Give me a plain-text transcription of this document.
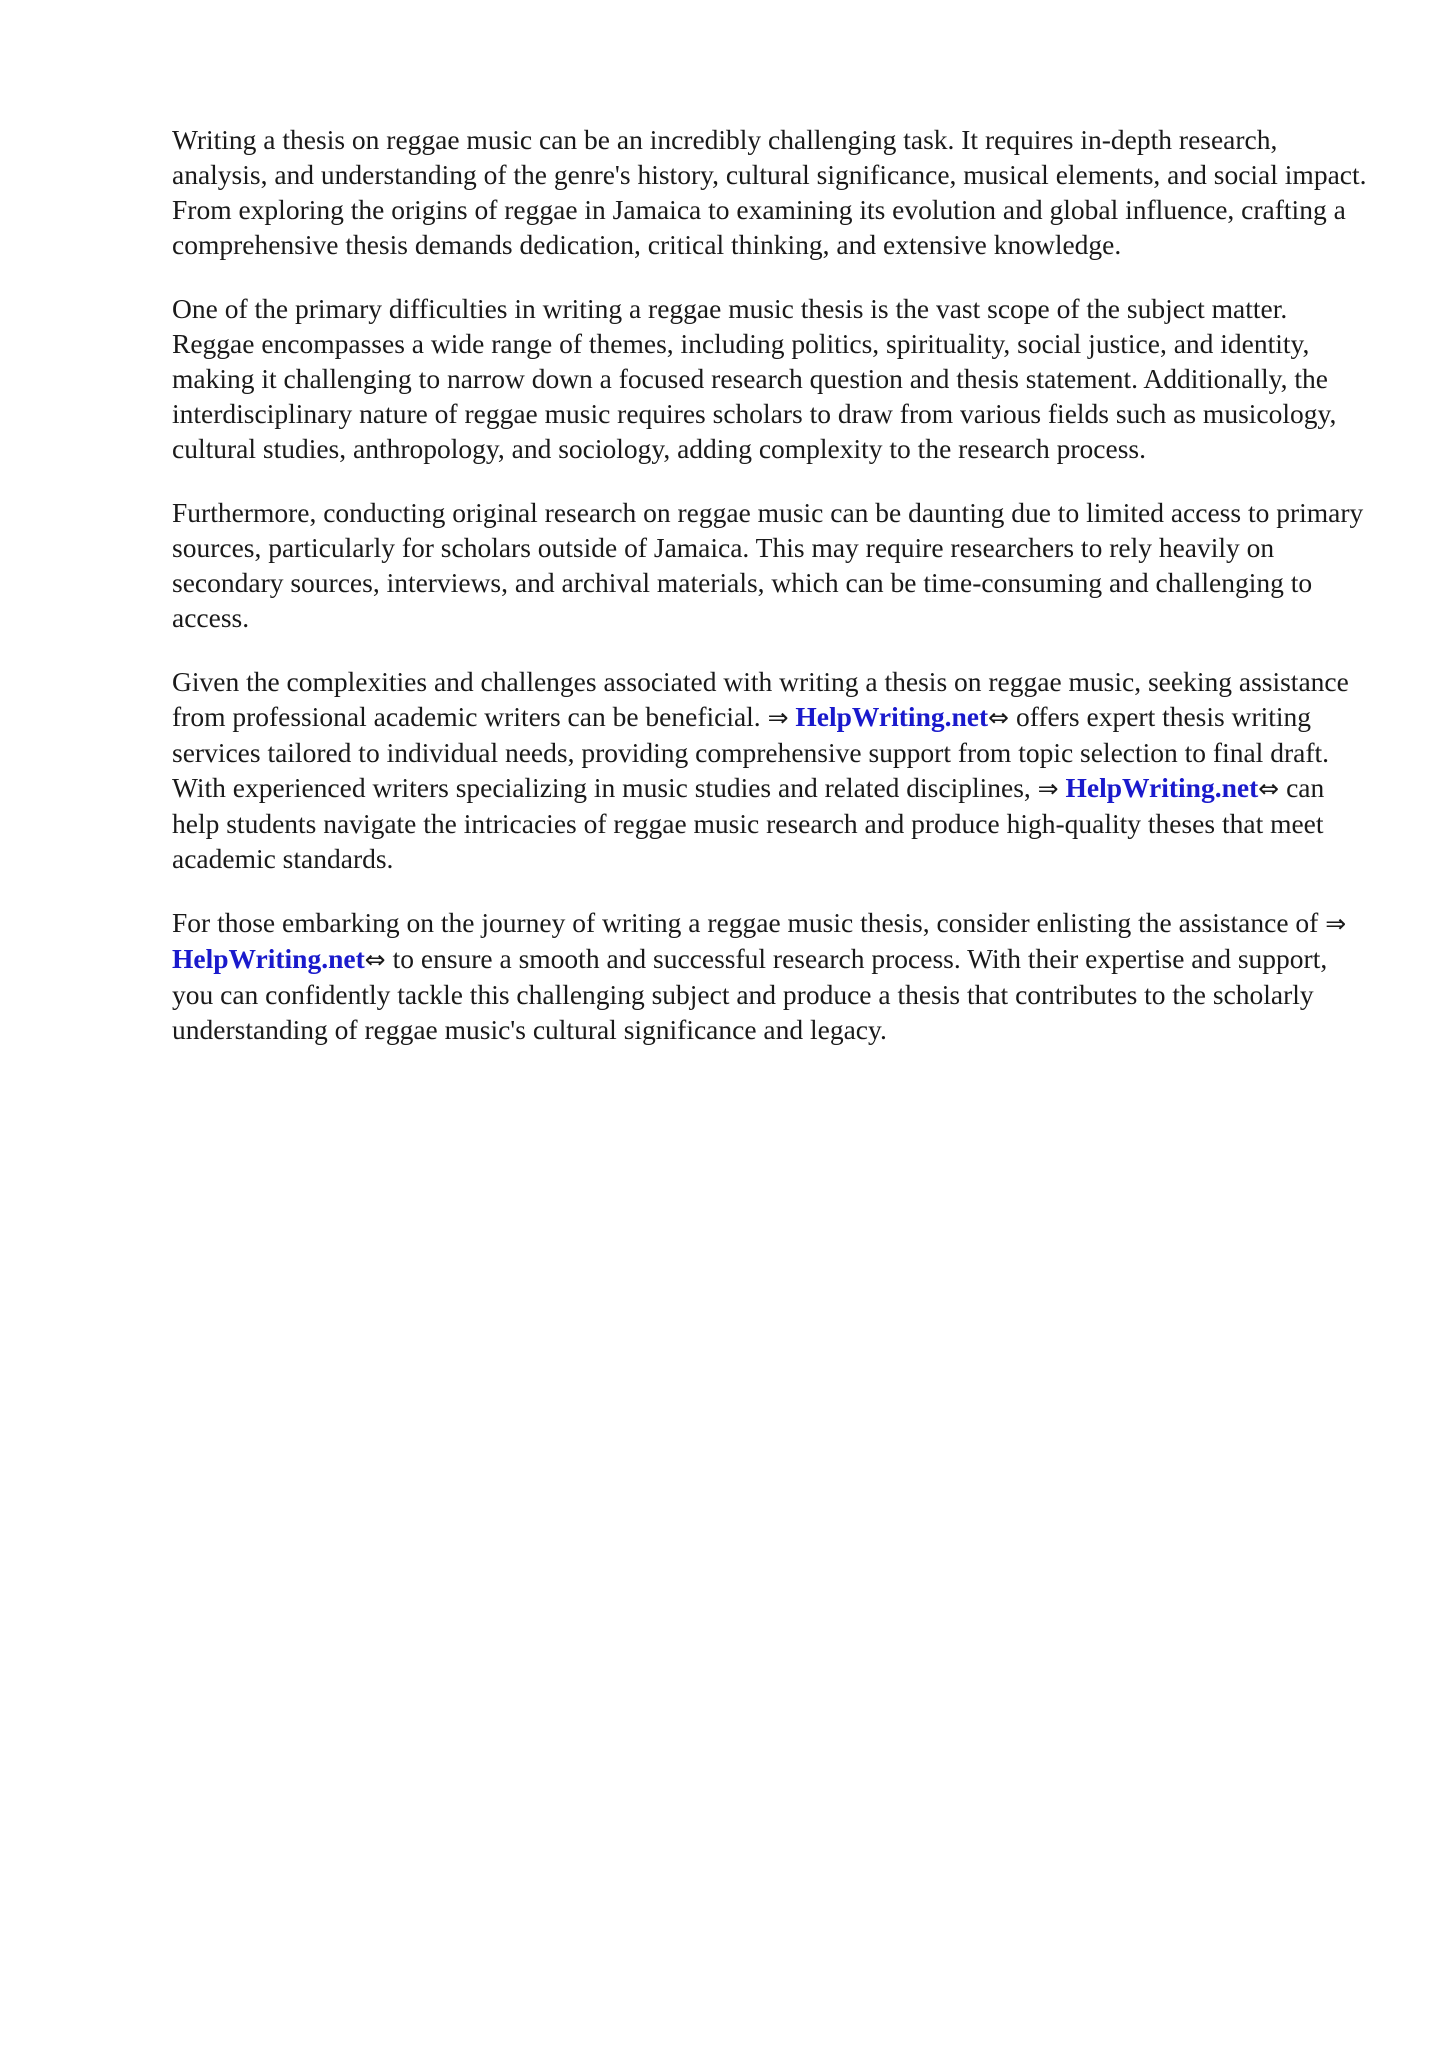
Writing a thesis on reggae music can be an incredibly challenging task. It requires in-depth research, analysis, and understanding of the genre's history, cultural significance, musical elements, and social impact. From exploring the origins of reggae in Jamaica to examining its evolution and global influence, crafting a comprehensive thesis demands dedication, critical thinking, and extensive knowledge.

One of the primary difficulties in writing a reggae music thesis is the vast scope of the subject matter. Reggae encompasses a wide range of themes, including politics, spirituality, social justice, and identity, making it challenging to narrow down a focused research question and thesis statement. Additionally, the interdisciplinary nature of reggae music requires scholars to draw from various fields such as musicology, cultural studies, anthropology, and sociology, adding complexity to the research process.

Furthermore, conducting original research on reggae music can be daunting due to limited access to primary sources, particularly for scholars outside of Jamaica. This may require researchers to rely heavily on secondary sources, interviews, and archival materials, which can be time-consuming and challenging to access.

Given the complexities and challenges associated with writing a thesis on reggae music, seeking assistance from professional academic writers can be beneficial. ⇒ HelpWriting.net⇔ offers expert thesis writing services tailored to individual needs, providing comprehensive support from topic selection to final draft. With experienced writers specializing in music studies and related disciplines, ⇒ HelpWriting.net⇔ can help students navigate the intricacies of reggae music research and produce high-quality theses that meet academic standards.

For those embarking on the journey of writing a reggae music thesis, consider enlisting the assistance of ⇒ HelpWriting.net⇔ to ensure a smooth and successful research process. With their expertise and support, you can confidently tackle this challenging subject and produce a thesis that contributes to the scholarly understanding of reggae music's cultural significance and legacy.
